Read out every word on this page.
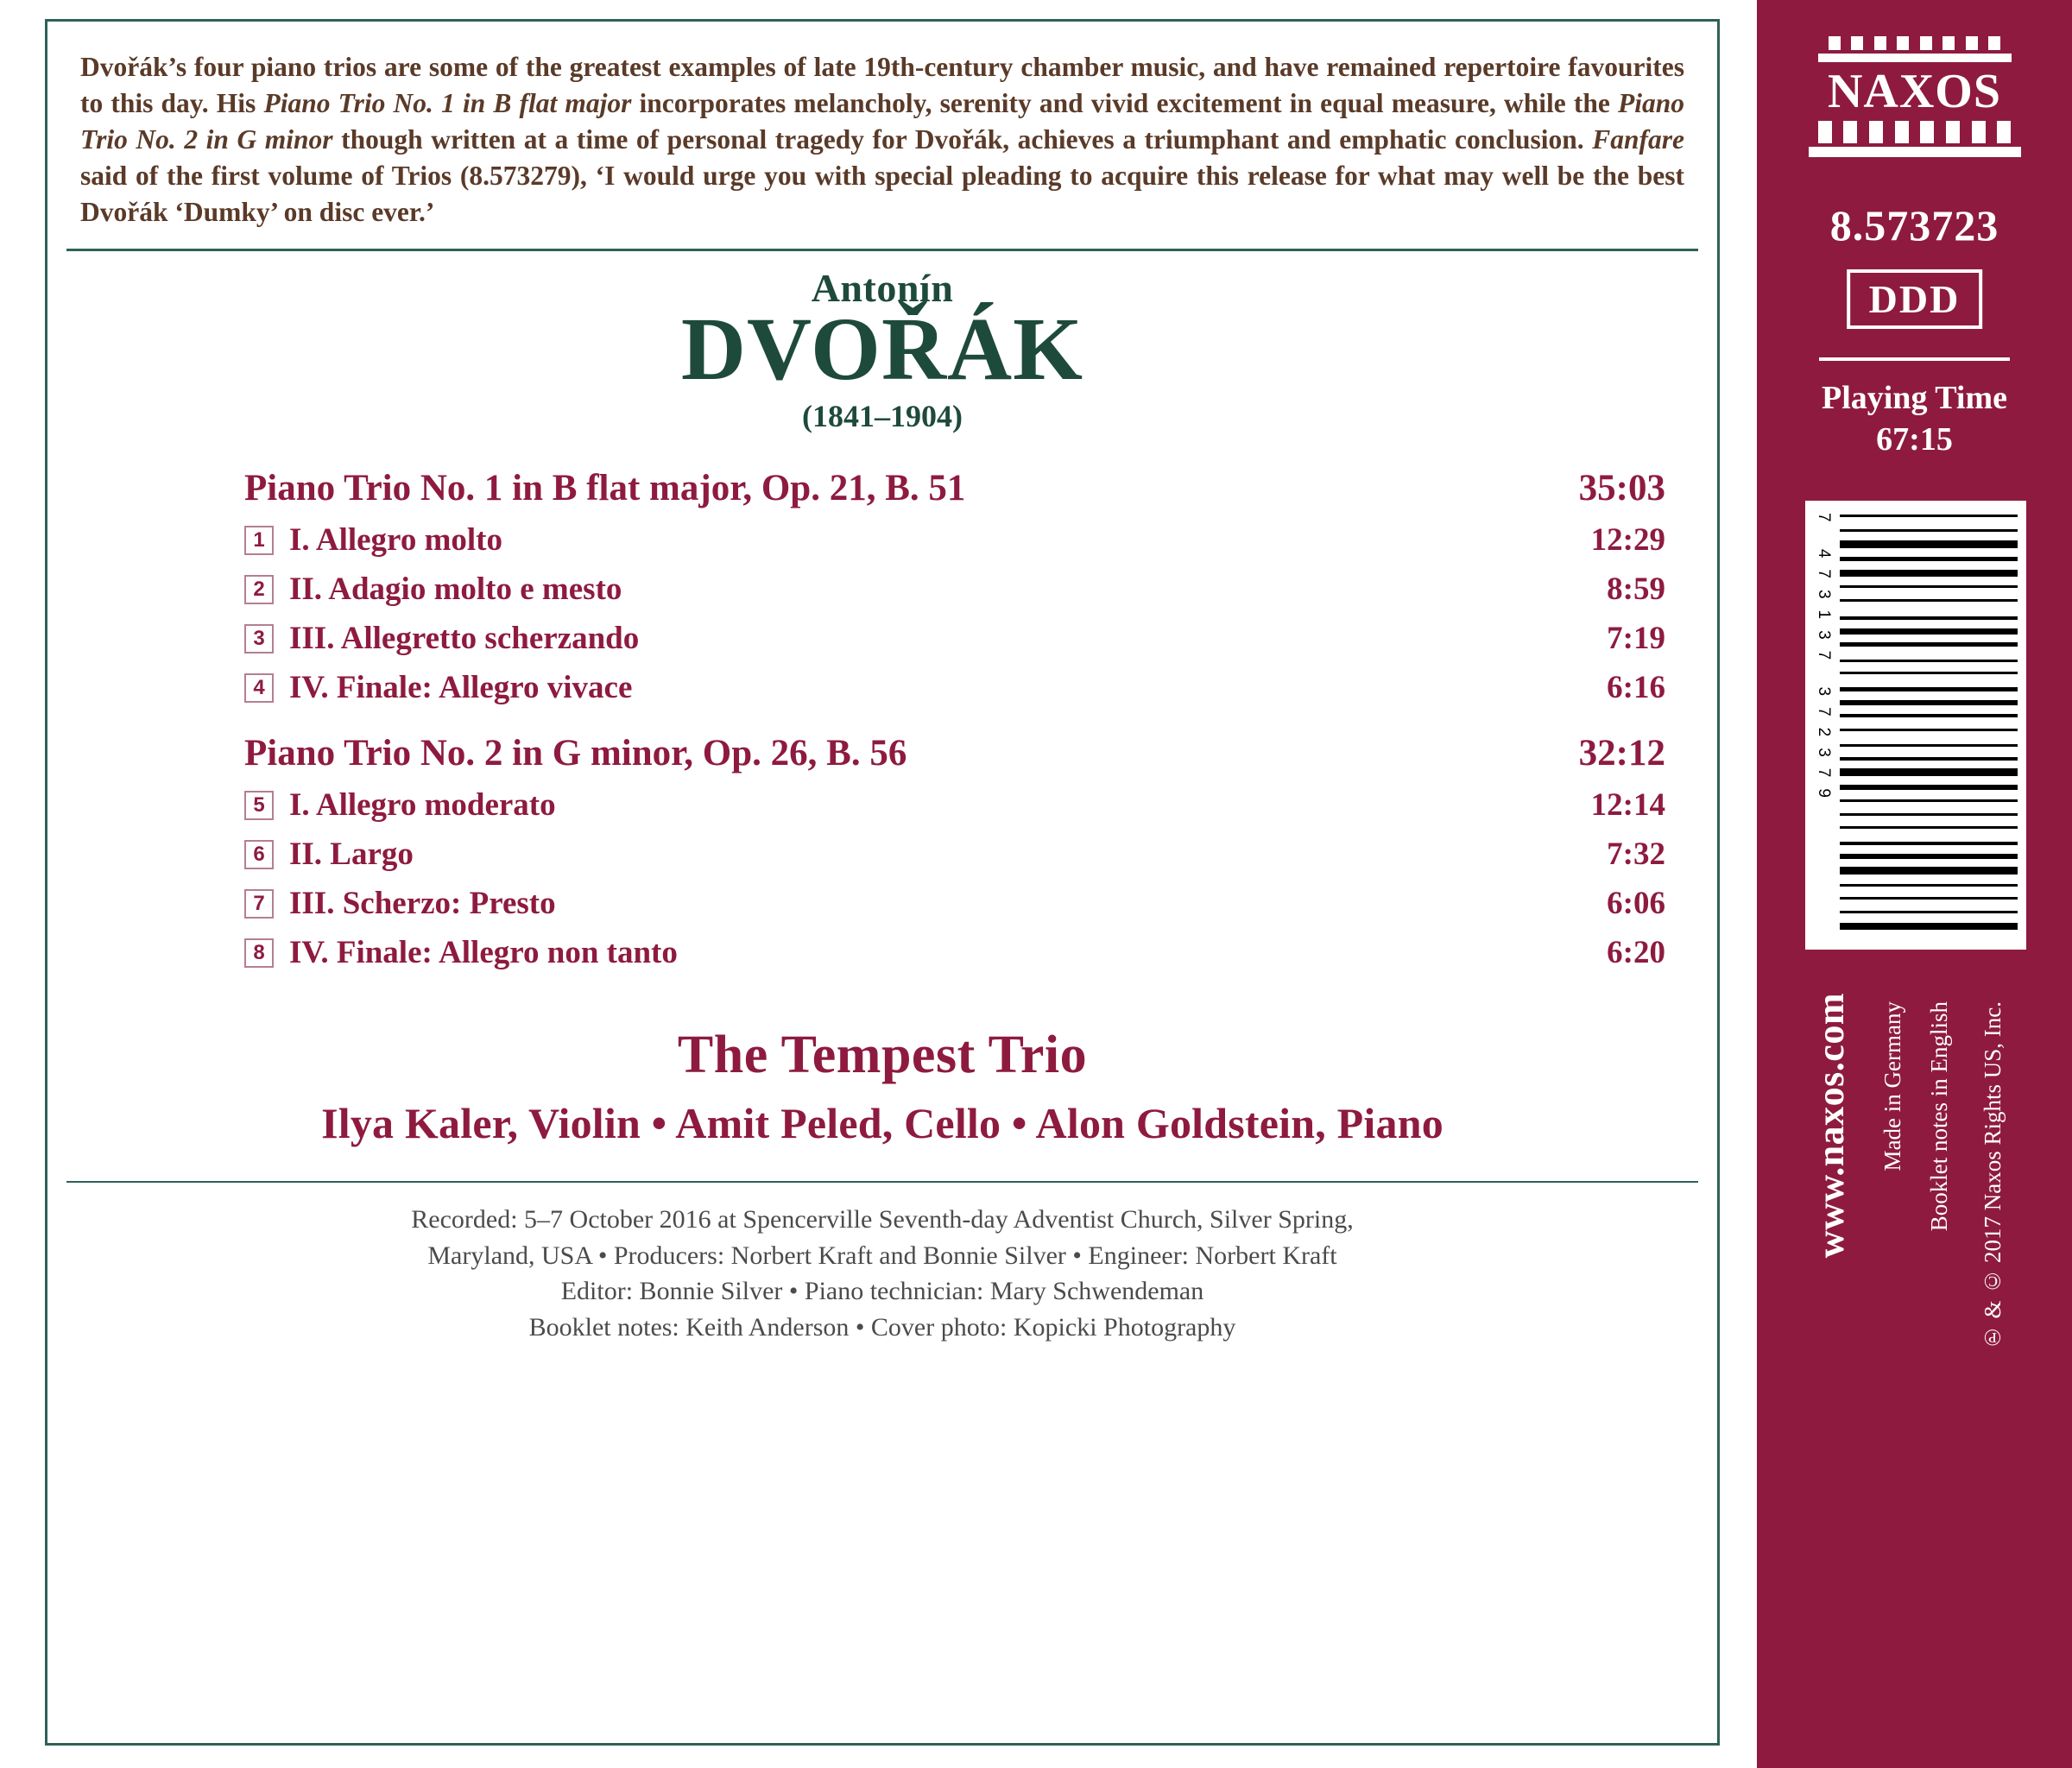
Dvořák’s four piano trios are some of the greatest examples of late 19th-century chamber music, and have remained repertoire favourites to this day. His Piano Trio No. 1 in B flat major incorporates melancholy, serenity and vivid excitement in equal measure, while the Piano Trio No. 2 in G minor though written at a time of personal tragedy for Dvořák, achieves a triumphant and emphatic conclusion. Fanfare said of the first volume of Trios (8.573279), ‘I would urge you with special pleading to acquire this release for what may well be the best Dvořák ‘Dumky’ on disc ever.’
Antonín
DVOŘÁK
(1841–1904)
Piano Trio No. 1 in B flat major, Op. 21, B. 51	35:03
1 I. Allegro molto	12:29
2 II. Adagio molto e mesto	8:59
3 III. Allegretto scherzando	7:19
4 IV. Finale: Allegro vivace	6:16
Piano Trio No. 2 in G minor, Op. 26, B. 56	32:12
5 I. Allegro moderato	12:14
6 II. Largo	7:32
7 III. Scherzo: Presto	6:06
8 IV. Finale: Allegro non tanto	6:20
The Tempest Trio
Ilya Kaler, Violin • Amit Peled, Cello • Alon Goldstein, Piano
Recorded: 5–7 October 2016 at Spencerville Seventh-day Adventist Church, Silver Spring,
Maryland, USA • Producers: Norbert Kraft and Bonnie Silver • Engineer: Norbert Kraft
Editor: Bonnie Silver • Piano technician: Mary Schwendeman
Booklet notes: Keith Anderson • Cover photo: Kopicki Photography
NAXOS
8.573723
DDD
Playing Time
67:15
7 473137 372379
www.naxos.com Made in Germany Booklet notes in English ℗ & © 2017 Naxos Rights US, Inc.
